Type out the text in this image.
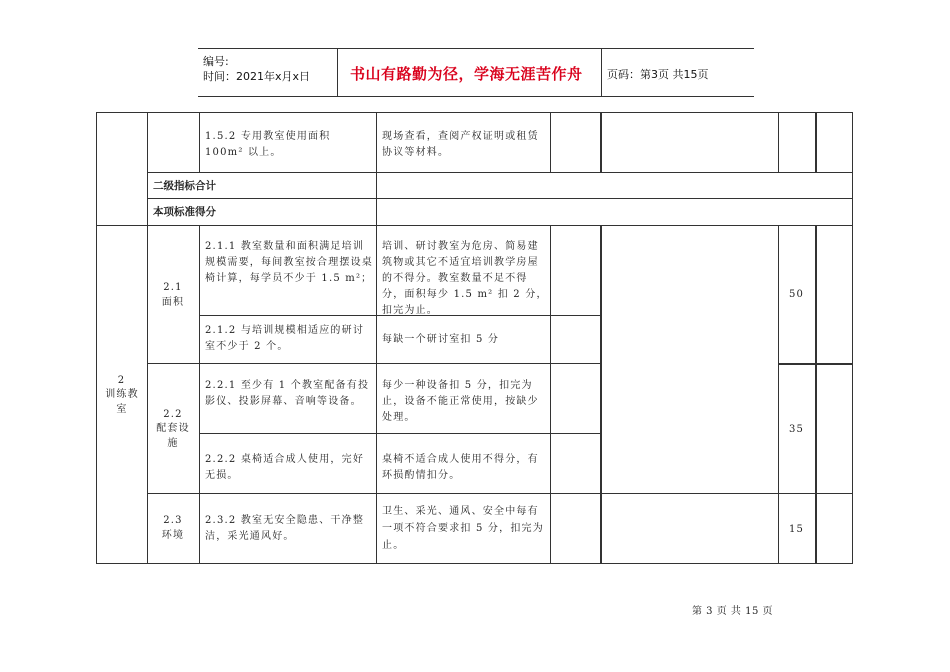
编号:
时间：2021年x月x日	书山有路勤为径，学海无涯苦作舟 页码：第3页 共15页
1.5.2 专用教室使用面积 100m² 以上。
现场查看，查阅产权证明或租赁协议等材料。
二级指标合计
本项标准得分
2
训练教室
2.1
面积
2.1.1 教室数量和面积满足培训规模需要，每间教室按合理摆设桌椅计算，每学员不少于 1.5 m²；
培训、研讨教室为危房、简易建筑物或其它不适宜培训教学房屋的不得分。教室数量不足不得分，面积每少 1.5 m² 扣 2 分，扣完为止。
2.1.2 与培训规模相适应的研讨室不少于 2 个。
每缺一个研讨室扣 5 分
50
2.2
配套设施
2.2.1 至少有 1 个教室配备有投影仪、投影屏幕、音响等设备。
每少一种设备扣 5 分，扣完为止，设备不能正常使用，按缺少处理。
2.2.2 桌椅适合成人使用，完好无损。
桌椅不适合成人使用不得分，有环损酌情扣分。
35
2.3
环境
2.3.2 教室无安全隐患、干净整洁，采光通风好。
卫生、采光、通风、安全中每有一项不符合要求扣 5 分，扣完为止。
15
第 3 页 共 15 页
